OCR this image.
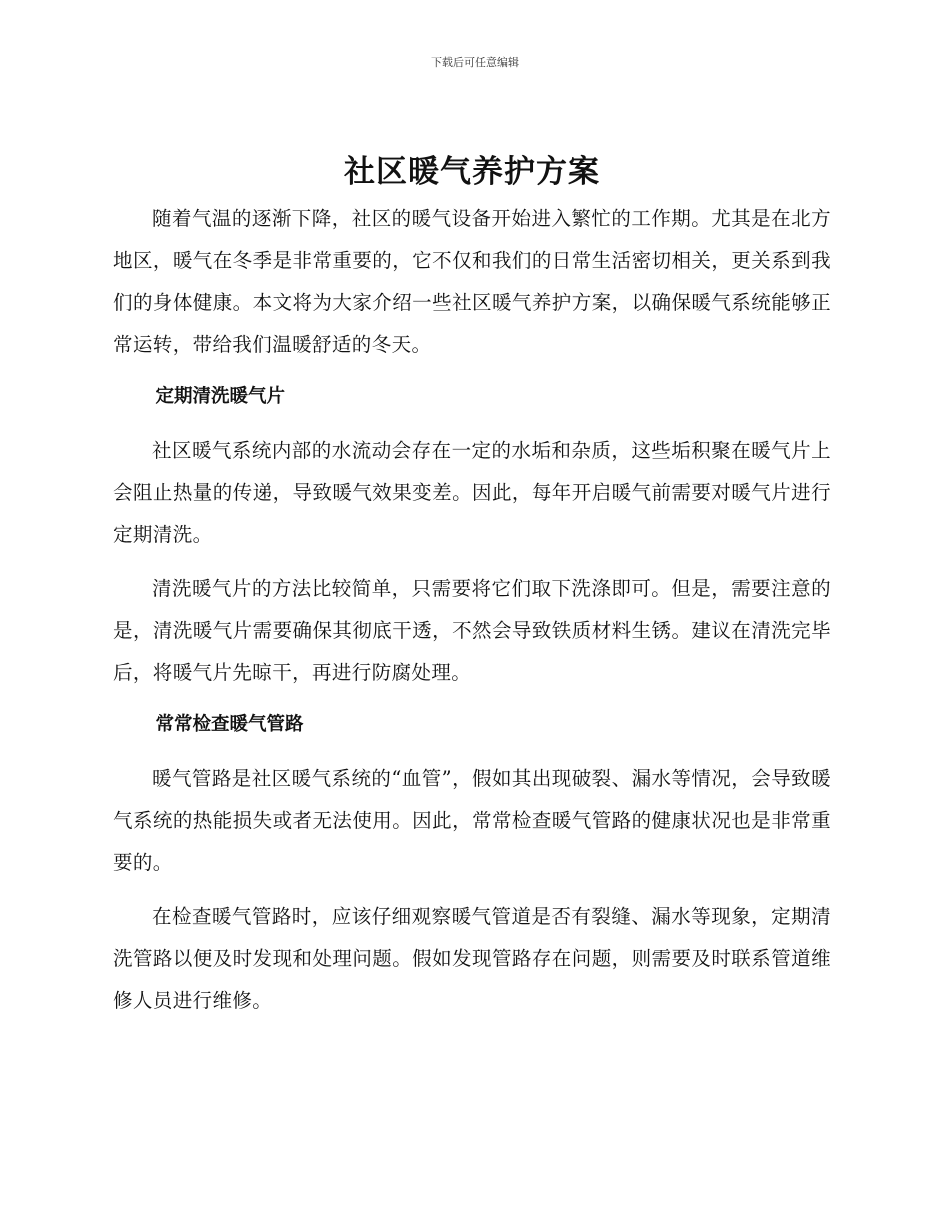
下载后可任意编辑
社区暖气养护方案

随着气温的逐渐下降，社区的暖气设备开始进入繁忙的工作期。尤其是在北方地区，暖气在冬季是非常重要的，它不仅和我们的日常生活密切相关，更关系到我们的身体健康。本文将为大家介绍一些社区暖气养护方案，以确保暖气系统能够正常运转，带给我们温暖舒适的冬天。

定期清洗暖气片

社区暖气系统内部的水流动会存在一定的水垢和杂质，这些垢积聚在暖气片上会阻止热量的传递，导致暖气效果变差。因此，每年开启暖气前需要对暖气片进行定期清洗。

清洗暖气片的方法比较简单，只需要将它们取下洗涤即可。但是，需要注意的是，清洗暖气片需要确保其彻底干透，不然会导致铁质材料生锈。建议在清洗完毕后，将暖气片先晾干，再进行防腐处理。

常常检查暖气管路

暖气管路是社区暖气系统的“血管”，假如其出现破裂、漏水等情况，会导致暖气系统的热能损失或者无法使用。因此，常常检查暖气管路的健康状况也是非常重要的。

在检查暖气管路时，应该仔细观察暖气管道是否有裂缝、漏水等现象，定期清洗管路以便及时发现和处理问题。假如发现管路存在问题，则需要及时联系管道维修人员进行维修。
